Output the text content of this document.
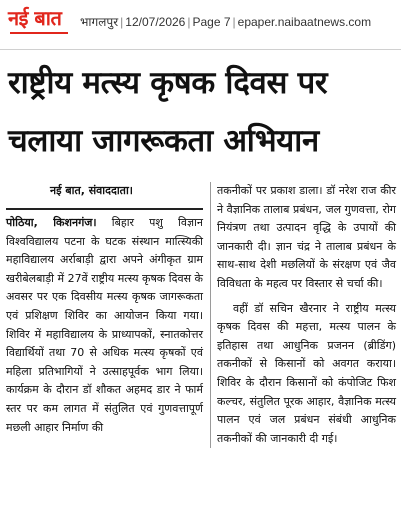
नई बात भागलपुर | 12/07/2026 | Page 7 | epaper.naibaatnews.com
राष्ट्रीय मत्स्य कृषक दिवस पर
चलाया जागरूकता अभियान
नई बात, संवाददाता।

पोठिया, किशनगंज। बिहार पशु विज्ञान विश्वविद्यालय पटना के घटक संस्थान मात्स्यिकी महाविद्यालय अर्राबाड़ी द्वारा अपने अंगीकृत ग्राम खरीबेलबाड़ी में 27वें राष्ट्रीय मत्स्य कृषक दिवस के अवसर पर एक दिवसीय मत्स्य कृषक जागरूकता एवं प्रशिक्षण शिविर का आयोजन किया गया। शिविर में महाविद्यालय के प्राध्यापकों, स्नातकोत्तर विद्यार्थियों तथा 70 से अधिक मत्स्य कृषकों एवं महिला प्रतिभागियों ने उत्साहपूर्वक भाग लिया। कार्यक्रम के दौरान डॉ शौकत अहमद डार ने फार्म स्तर पर कम लागत में संतुलित एवं गुणवत्तापूर्ण मछली आहार निर्माण की

तकनीकों पर प्रकाश डाला। डॉ नरेश राज कीर ने वैज्ञानिक तालाब प्रबंधन, जल गुणवत्ता, रोग नियंत्रण तथा उत्पादन वृद्धि के उपायों की जानकारी दी। ज्ञान चंद्र ने तालाब प्रबंधन के साथ-साथ देशी मछलियों के संरक्षण एवं जैव विविधता के महत्व पर विस्तार से चर्चा की।

वहीं डॉ सचिन खैरनार ने राष्ट्रीय मत्स्य कृषक दिवस की महत्ता, मत्स्य पालन के इतिहास तथा आधुनिक प्रजनन (ब्रीडिंग) तकनीकों से किसानों को अवगत कराया। शिविर के दौरान किसानों को कंपोजिट फिश कल्चर, संतुलित पूरक आहार, वैज्ञानिक मत्स्य पालन एवं जल प्रबंधन संबंधी आधुनिक तकनीकों की जानकारी दी गई।
